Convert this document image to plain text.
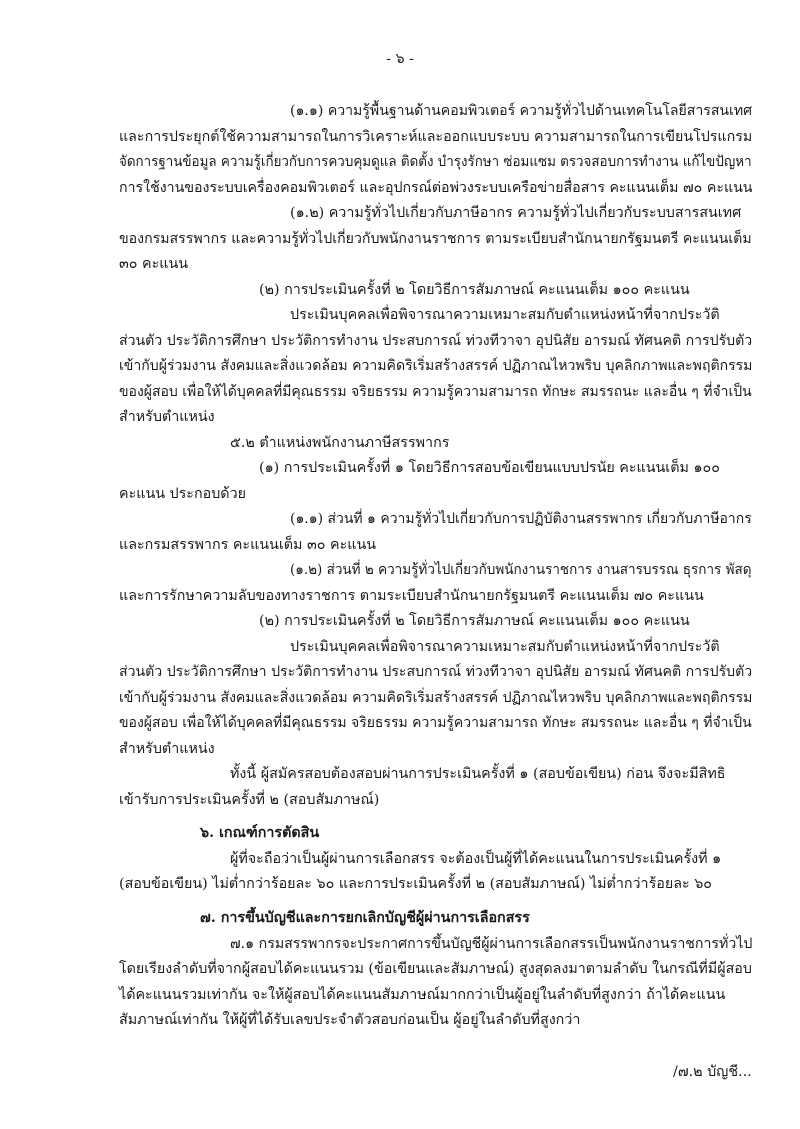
- ๖ -
(๑.๑) ความรู้พื้นฐานด้านคอมพิวเตอร์ ความรู้ทั่วไปด้านเทคโนโลยีสารสนเทศ
และการประยุกต์ใช้ความสามารถในการวิเคราะห์และออกแบบระบบ ความสามารถในการเขียนโปรแกรม
จัดการฐานข้อมูล ความรู้เกี่ยวกับการควบคุมดูแล ติดตั้ง บำรุงรักษา ซ่อมแซม ตรวจสอบการทำงาน แก้ไขปัญหา
การใช้งานของระบบเครื่องคอมพิวเตอร์ และอุปกรณ์ต่อพ่วงระบบเครือข่ายสื่อสาร คะแนนเต็ม ๗๐ คะแนน
(๑.๒) ความรู้ทั่วไปเกี่ยวกับภาษีอากร ความรู้ทั่วไปเกี่ยวกับระบบสารสนเทศ
ของกรมสรรพากร และความรู้ทั่วไปเกี่ยวกับพนักงานราชการ ตามระเบียบสำนักนายกรัฐมนตรี คะแนนเต็ม
๓๐ คะแนน
(๒) การประเมินครั้งที่ ๒ โดยวิธีการสัมภาษณ์ คะแนนเต็ม ๑๐๐ คะแนน
ประเมินบุคคลเพื่อพิจารณาความเหมาะสมกับตำแหน่งหน้าที่จากประวัติ
ส่วนตัว ประวัติการศึกษา ประวัติการทำงาน ประสบการณ์ ท่วงทีวาจา อุปนิสัย อารมณ์ ทัศนคติ การปรับตัว
เข้ากับผู้ร่วมงาน สังคมและสิ่งแวดล้อม ความคิดริเริ่มสร้างสรรค์ ปฏิภาณไหวพริบ บุคลิกภาพและพฤติกรรม
ของผู้สอบ เพื่อให้ได้บุคคลที่มีคุณธรรม จริยธรรม ความรู้ความสามารถ ทักษะ สมรรถนะ และอื่น ๆ ที่จำเป็น
สำหรับตำแหน่ง
๕.๒ ตำแหน่งพนักงานภาษีสรรพากร
(๑) การประเมินครั้งที่ ๑ โดยวิธีการสอบข้อเขียนแบบปรนัย คะแนนเต็ม ๑๐๐
คะแนน ประกอบด้วย
(๑.๑) ส่วนที่ ๑ ความรู้ทั่วไปเกี่ยวกับการปฏิบัติงานสรรพากร เกี่ยวกับภาษีอากร
และกรมสรรพากร คะแนนเต็ม ๓๐ คะแนน
(๑.๒) ส่วนที่ ๒ ความรู้ทั่วไปเกี่ยวกับพนักงานราชการ งานสารบรรณ ธุรการ พัสดุ
และการรักษาความลับของทางราชการ ตามระเบียบสำนักนายกรัฐมนตรี คะแนนเต็ม ๗๐ คะแนน
(๒) การประเมินครั้งที่ ๒ โดยวิธีการสัมภาษณ์ คะแนนเต็ม ๑๐๐ คะแนน
ประเมินบุคคลเพื่อพิจารณาความเหมาะสมกับตำแหน่งหน้าที่จากประวัติ
ส่วนตัว ประวัติการศึกษา ประวัติการทำงาน ประสบการณ์ ท่วงทีวาจา อุปนิสัย อารมณ์ ทัศนคติ การปรับตัว
เข้ากับผู้ร่วมงาน สังคมและสิ่งแวดล้อม ความคิดริเริ่มสร้างสรรค์ ปฏิภาณไหวพริบ บุคลิกภาพและพฤติกรรม
ของผู้สอบ เพื่อให้ได้บุคคลที่มีคุณธรรม จริยธรรม ความรู้ความสามารถ ทักษะ สมรรถนะ และอื่น ๆ ที่จำเป็น
สำหรับตำแหน่ง
ทั้งนี้ ผู้สมัครสอบต้องสอบผ่านการประเมินครั้งที่ ๑ (สอบข้อเขียน) ก่อน จึงจะมีสิทธิ
เข้ารับการประเมินครั้งที่ ๒ (สอบสัมภาษณ์)
๖. เกณฑ์การตัดสิน
ผู้ที่จะถือว่าเป็นผู้ผ่านการเลือกสรร จะต้องเป็นผู้ที่ได้คะแนนในการประเมินครั้งที่ ๑
(สอบข้อเขียน) ไม่ต่ำกว่าร้อยละ ๖๐ และการประเมินครั้งที่ ๒ (สอบสัมภาษณ์) ไม่ต่ำกว่าร้อยละ ๖๐
๗. การขึ้นบัญชีและการยกเลิกบัญชีผู้ผ่านการเลือกสรร
๗.๑ กรมสรรพากรจะประกาศการขึ้นบัญชีผู้ผ่านการเลือกสรรเป็นพนักงานราชการทั่วไป
โดยเรียงลำดับที่จากผู้สอบได้คะแนนรวม (ข้อเขียนและสัมภาษณ์) สูงสุดลงมาตามลำดับ ในกรณีที่มีผู้สอบ
ได้คะแนนรวมเท่ากัน จะให้ผู้สอบได้คะแนนสัมภาษณ์มากกว่าเป็นผู้อยู่ในลำดับที่สูงกว่า ถ้าได้คะแนน
สัมภาษณ์เท่ากัน ให้ผู้ที่ได้รับเลขประจำตัวสอบก่อนเป็น ผู้อยู่ในลำดับที่สูงกว่า
/๗.๒ บัญชี...
